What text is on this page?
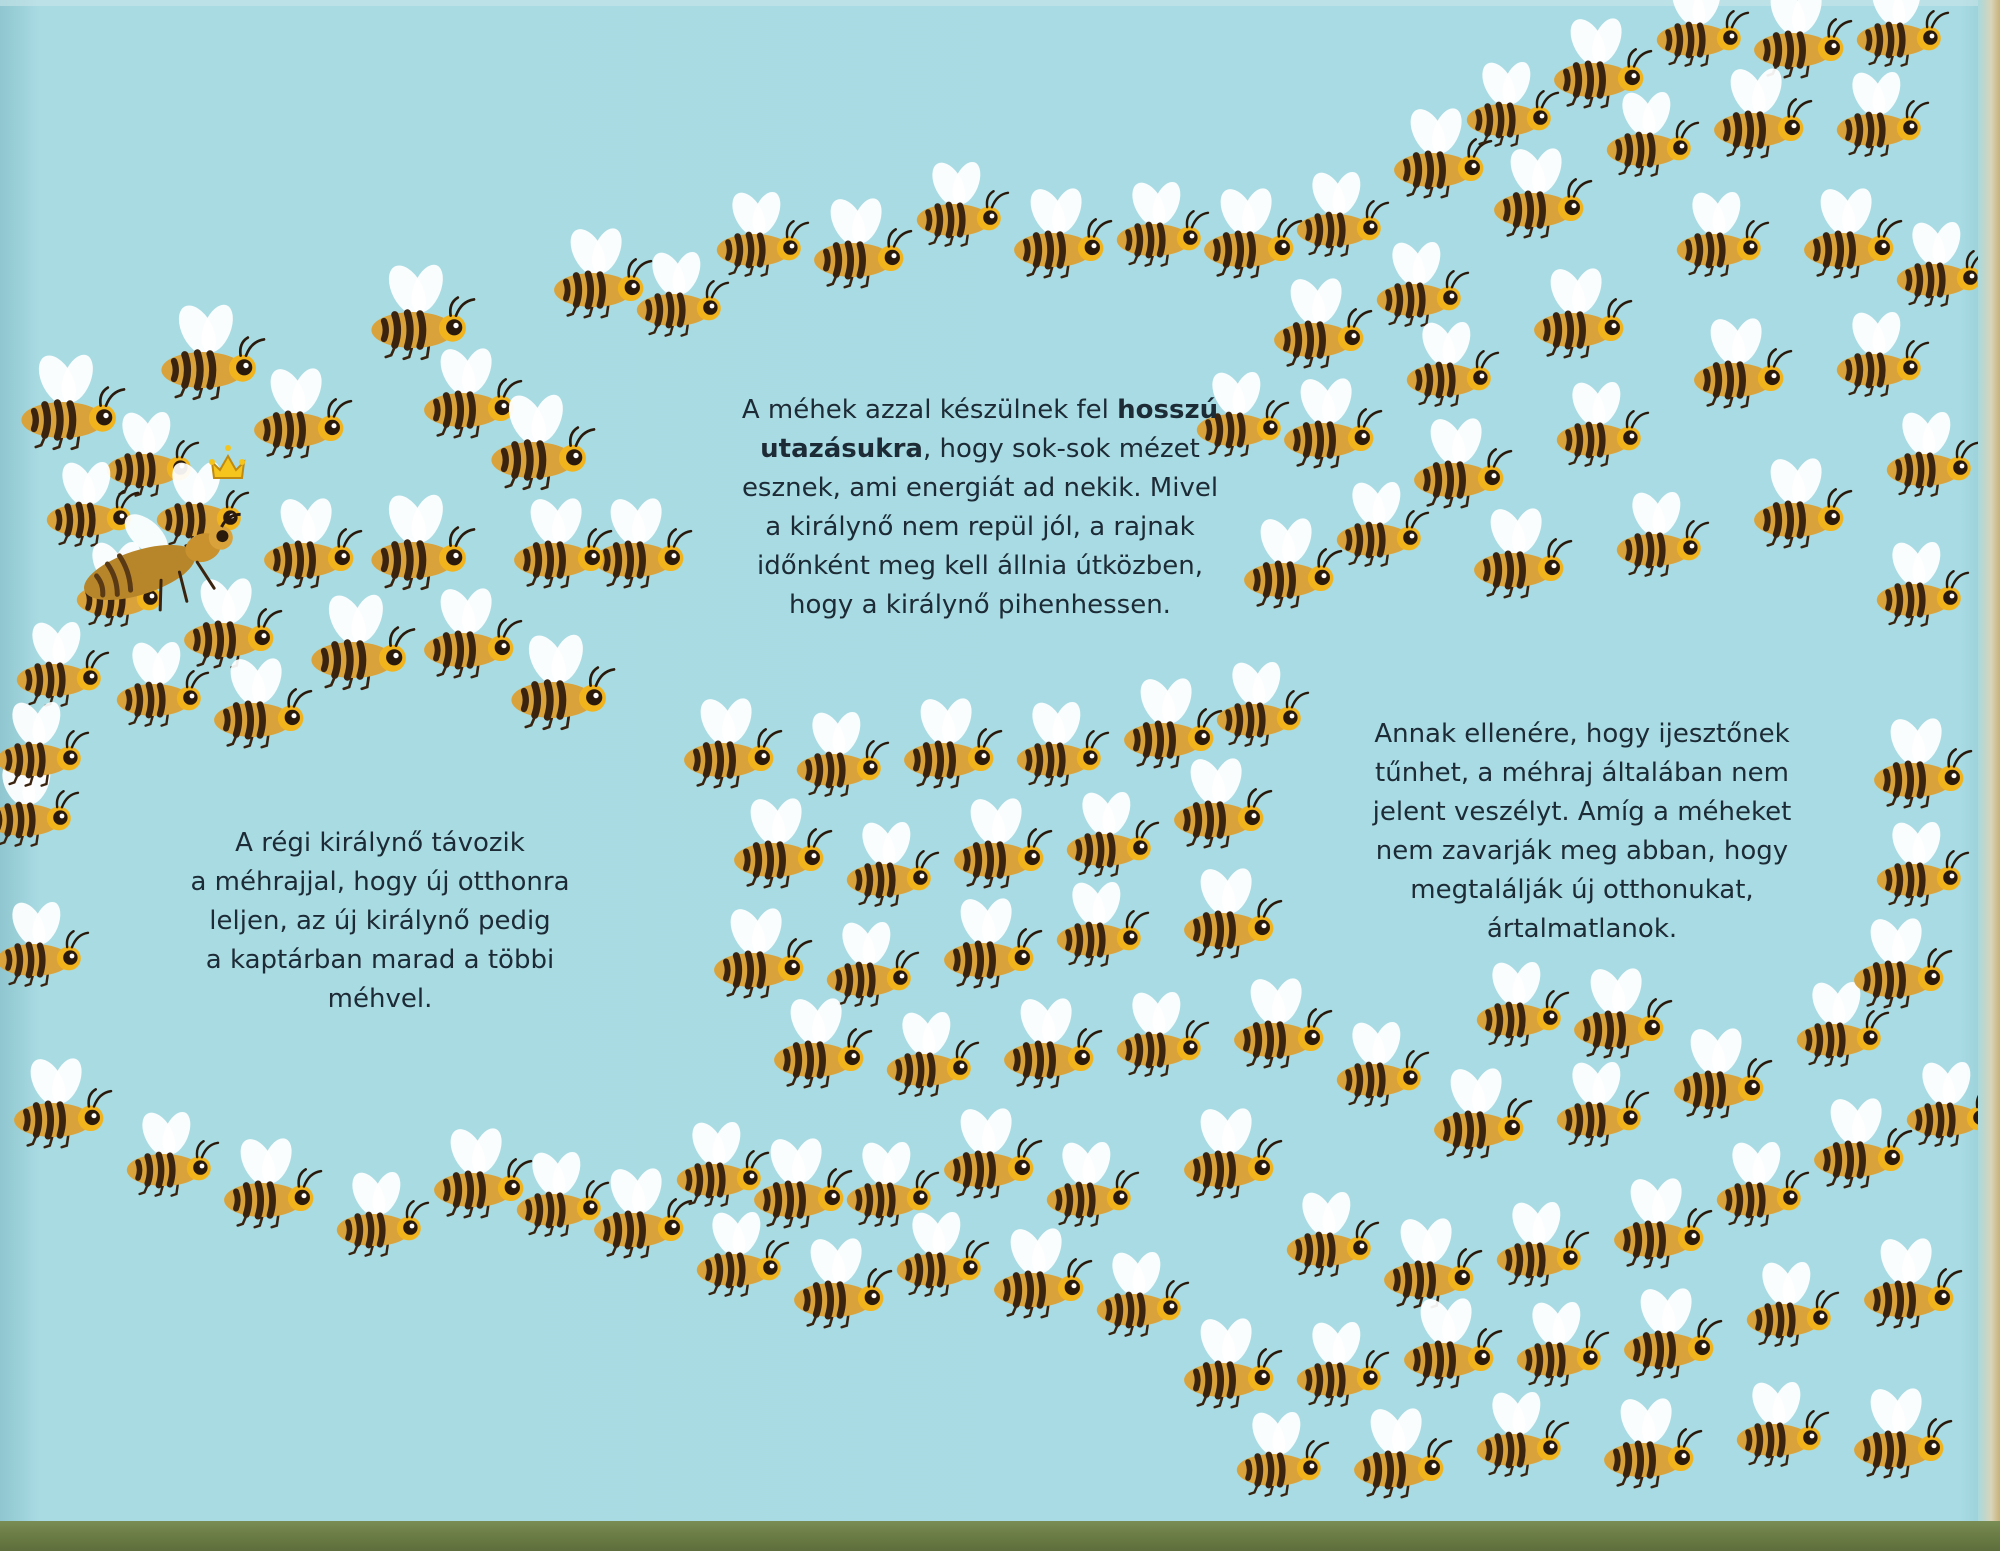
A méhek azzal készülnek fel hosszú
utazásukra, hogy sok-sok mézet
esznek, ami energiát ad nekik. Mivel
a királynő nem repül jól, a rajnak
időnként meg kell állnia útközben,
hogy a királynő pihenhessen.
A régi királynő távozik
a méhrajjal, hogy új otthonra
leljen, az új királynő pedig
a kaptárban marad a többi
méhvel.
Annak ellenére, hogy ijesztőnek
tűnhet, a méhraj általában nem
jelent veszélyt. Amíg a méheket
nem zavarják meg abban, hogy
megtalálják új otthonukat,
ártalmatlanok.
